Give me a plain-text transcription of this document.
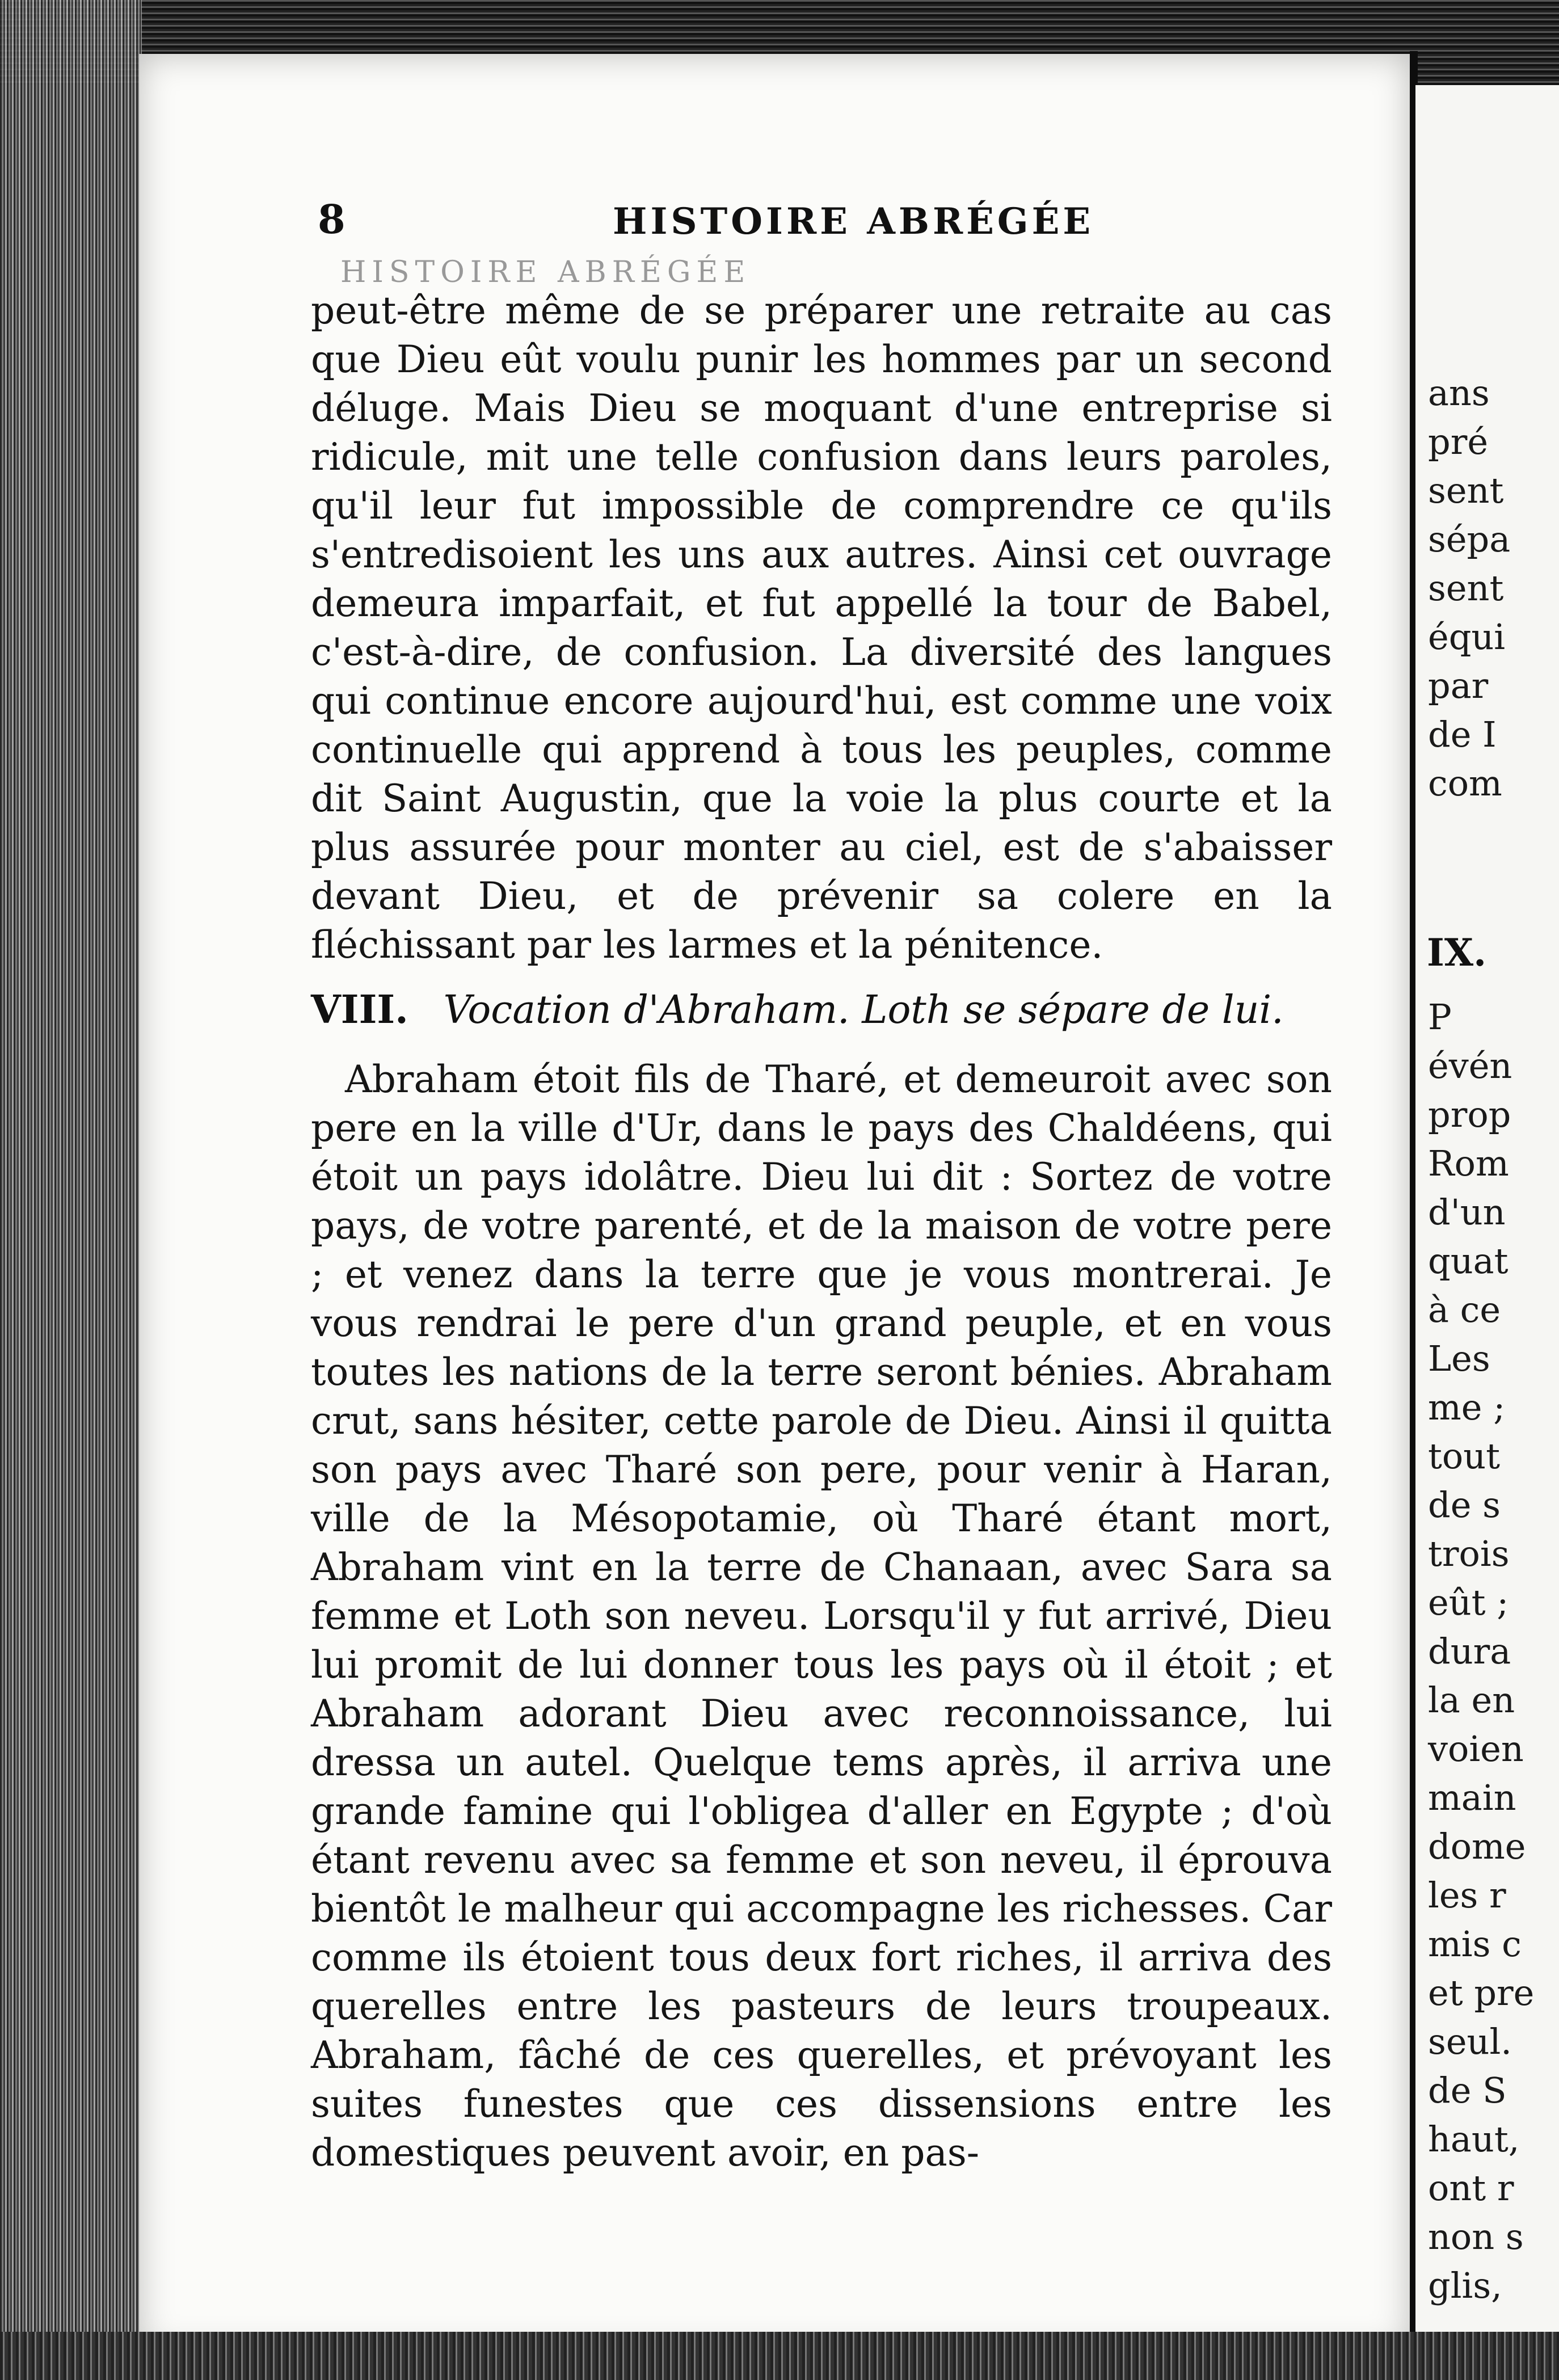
ans
pré
sent
sépa
sent
équi
par
de I
com
IX.
P
évén
prop
Rom
d'un
quat
à ce
Les
me ;
tout
de s
trois
eût ;
dura
la en
voien
main
dome
les r
mis c
et pre
seul.
de S
haut,
ont r
non s
glis,
8	HISTOIRE ABRÉGÉE
HISTOIRE ABRÉGÉE

peut-être même de se préparer une retraite au cas que Dieu eût voulu punir les hommes par un second déluge. Mais Dieu se moquant d'une entreprise si ridicule, mit une telle confusion dans leurs paroles, qu'il leur fut impossible de comprendre ce qu'ils s'entredisoient les uns aux autres. Ainsi cet ouvrage demeura imparfait, et fut appellé la tour de Babel, c'est-à-dire, de confusion. La diversité des langues qui continue encore aujourd'hui, est comme une voix continuelle qui apprend à tous les peuples, comme dit Saint Augustin, que la voie la plus courte et la plus assurée pour monter au ciel, est de s'abaisser devant Dieu, et de prévenir sa colere en la fléchissant par les larmes et la pénitence.

VIII. Vocation d'Abraham. Loth se sépare de lui.

Abraham étoit fils de Tharé, et demeuroit avec son pere en la ville d'Ur, dans le pays des Chaldéens, qui étoit un pays idolâtre. Dieu lui dit : Sortez de votre pays, de votre parenté, et de la maison de votre pere ; et venez dans la terre que je vous montrerai. Je vous rendrai le pere d'un grand peuple, et en vous toutes les nations de la terre seront bénies. Abraham crut, sans hésiter, cette parole de Dieu. Ainsi il quitta son pays avec Tharé son pere, pour venir à Haran, ville de la Mésopotamie, où Tharé étant mort, Abraham vint en la terre de Chanaan, avec Sara sa femme et Loth son neveu. Lorsqu'il y fut arrivé, Dieu lui promit de lui donner tous les pays où il étoit ; et Abraham adorant Dieu avec reconnoissance, lui dressa un autel. Quelque tems après, il arriva une grande famine qui l'obligea d'aller en Egypte ; d'où étant revenu avec sa femme et son neveu, il éprouva bientôt le malheur qui accompagne les richesses. Car comme ils étoient tous deux fort riches, il arriva des querelles entre les pasteurs de leurs troupeaux. Abraham, fâché de ces querelles, et prévoyant les suites funestes que ces dissensions entre les domestiques peuvent avoir, en pas-
